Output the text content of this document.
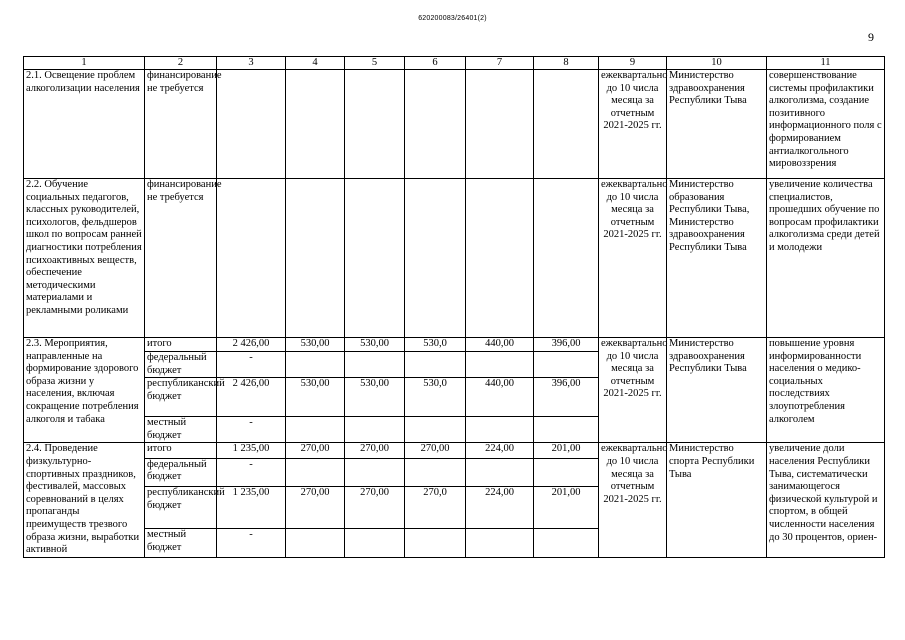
620200083/26401(2)
9
1	2	3	4	5	6	7	8	9	10	11
2.1. Освещение проблем алкоголизации населения	финансирование не требуется							ежеквартально до 10 числа месяца за отчетным 2021-2025 гг.	Министерство здравоохранения Республики Тыва	совершенствование системы профилактики алкоголизма, создание позитивного информационного поля с формированием антиалкогольного мировоззрения
2.2. Обучение социальных педагогов, классных руководителей, психологов, фельдшеров школ по вопросам ранней диагностики потребления психоактивных веществ, обеспечение методическими материалами и рекламными роликами	финансирование не требуется							ежеквартально до 10 числа месяца за отчетным 2021-2025 гг.	Министерство образования Республики Тыва, Министерство здравоохранения Республики Тыва	увеличение количества специалистов, прошедших обучение по вопросам профилактики алкоголизма среди детей и молодежи
2.3. Мероприятия, направленные на формирование здорового образа жизни у населения, включая сокращение потребления алкоголя и табака	итого	2 426,00	530,00	530,00	530,0	440,00	396,00	ежеквартально до 10 числа месяца за отчетным 2021-2025 гг.	Министерство здравоохранения Республики Тыва	повышение уровня информированности населения о медико-социальных последствиях злоупотребления алкоголем
	федеральный бюджет	-								
	республиканский бюджет	2 426,00	530,00	530,00	530,0	440,00	396,00			
	местный бюджет	-								
2.4. Проведение физкультурно-спортивных праздников, фестивалей, массовых соревнований в целях пропаганды преимуществ трезвого образа жизни, выработки активной	итого	1 235,00	270,00	270,00	270,00	224,00	201,00	ежеквартально до 10 числа месяца за отчетным 2021-2025 гг.	Министерство спорта Республики Тыва	увеличение доли населения Республики Тыва, систематически занимающегося физической культурой и спортом, в общей численности населения до 30 процентов, ориен-
	федеральный бюджет	-								
	республиканский бюджет	1 235,00	270,00	270,00	270,0	224,00	201,00			
	местный бюджет	-								
